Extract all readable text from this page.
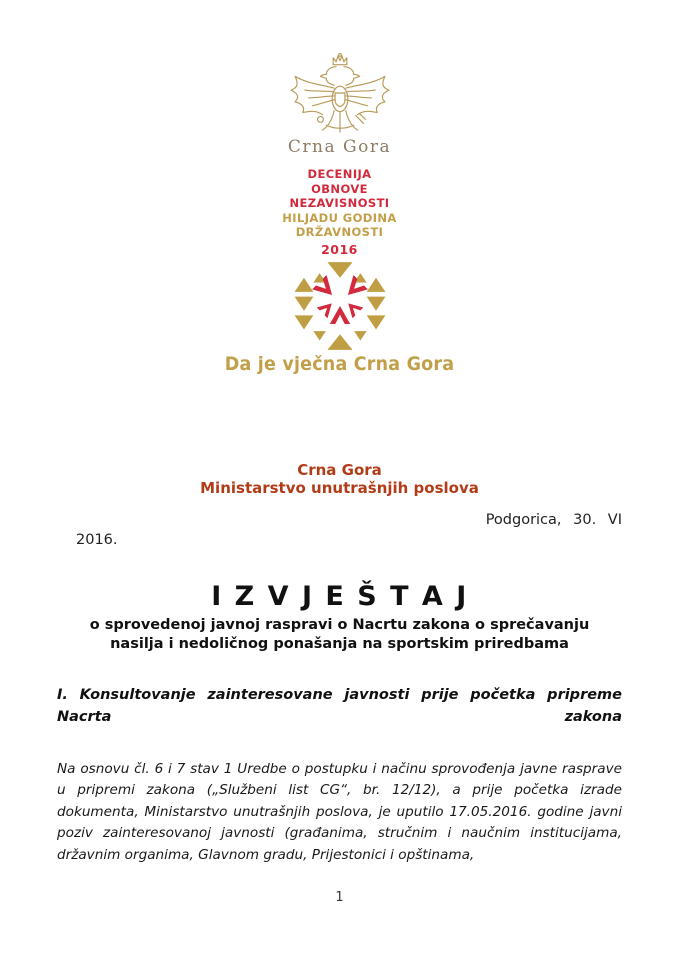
Crna Gora
DECENIJA
OBNOVE
NEZAVISNOSTI
HILJADU GODINA
DRŽAVNOSTI
2016
Da je vječna Crna Gora
Crna Gora
Ministarstvo unutrašnjih poslova
Podgorica, 30. VI
2016.
I Z V J E Š T A J
o sprovedenoj javnoj raspravi o Nacrtu zakona o sprečavanju nasilja i nedoličnog ponašanja na sportskim priredbama
I. Konsultovanje zainteresovane javnosti prije početka pripreme Nacrta zakona
Na osnovu čl. 6 i 7 stav 1 Uredbe o postupku i načinu sprovođenja javne rasprave u pripremi zakona („Službeni list CG“, br. 12/12), a prije početka izrade dokumenta, Ministarstvo unutrašnjih poslova, je uputilo 17.05.2016. godine javni poziv zainteresovanoj javnosti (građanima, stručnim i naučnim institucijama, državnim organima, Glavnom gradu, Prijestonici i opštinama,
1
